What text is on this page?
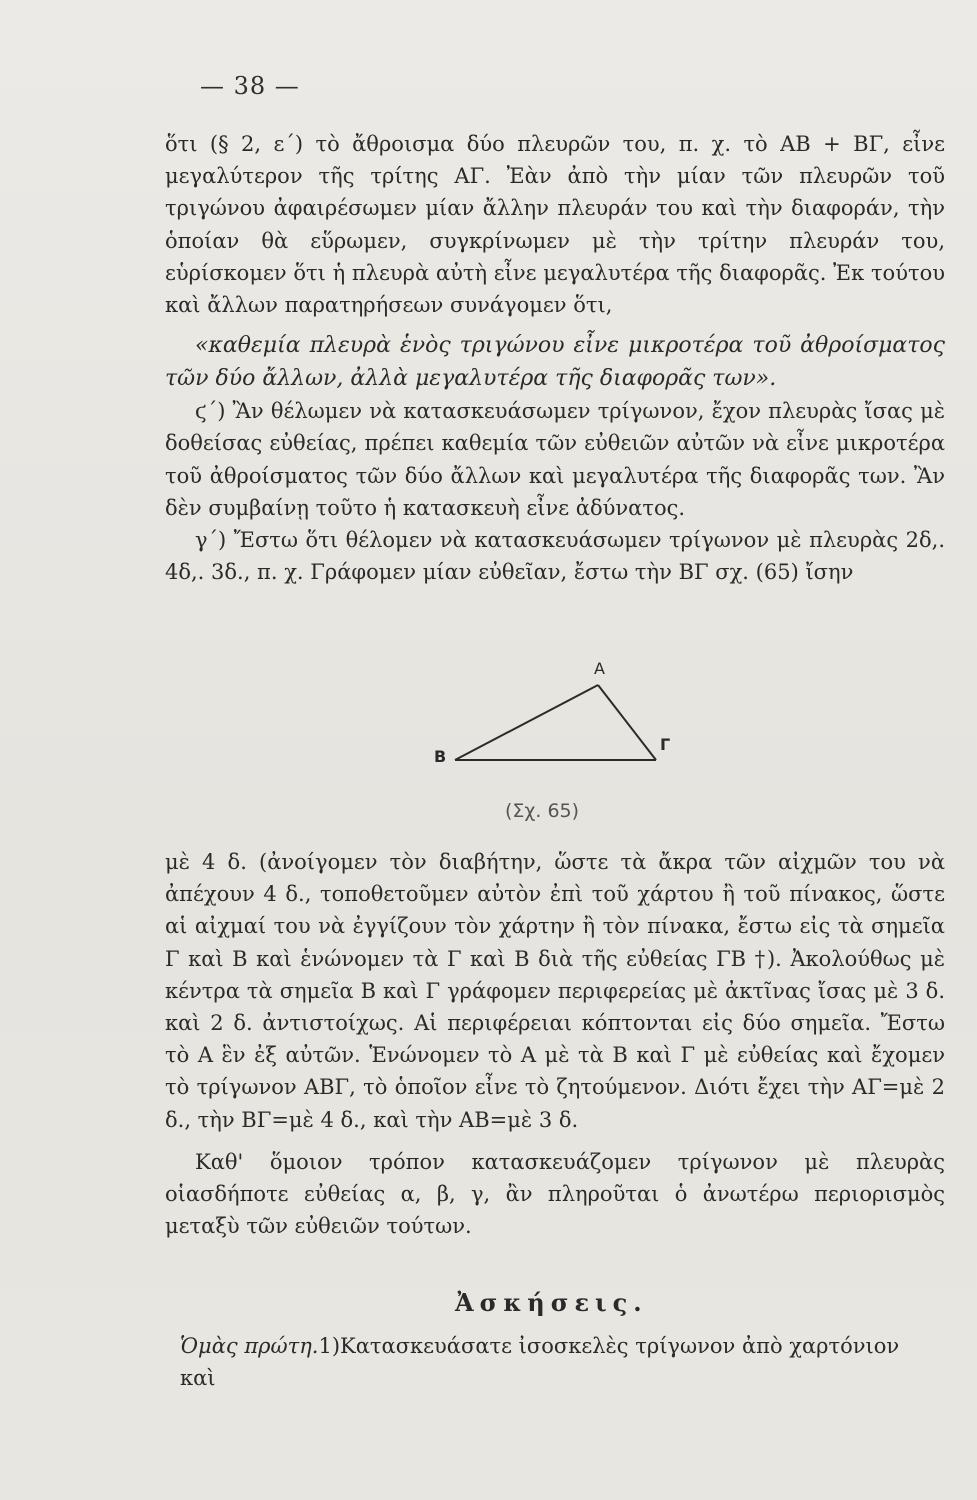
— 38 —

ὅτι (§ 2, ε΄) τὸ ἄθροισμα δύο πλευρῶν του, π. χ. τὸ ΑΒ + ΒΓ, εἶνε μεγαλύτερον τῆς τρίτης ΑΓ. Ἐὰν ἀπὸ τὴν μίαν τῶν πλευρῶν τοῦ τριγώνου ἀφαιρέσωμεν μίαν ἄλλην πλευράν του καὶ τὴν διαφοράν, τὴν ὁποίαν θὰ εὕρωμεν, συγκρίνωμεν μὲ τὴν τρίτην πλευράν του, εὑρίσκομεν ὅτι ἡ πλευρὰ αὐτὴ εἶνε μεγαλυτέρα τῆς διαφορᾶς. Ἐκ τούτου καὶ ἄλλων παρατηρήσεων συνάγομεν ὅτι,

«καθεμία πλευρὰ ἑνὸς τριγώνου εἶνε μικροτέρα τοῦ ἀθροίσματος τῶν δύο ἄλλων, ἀλλὰ μεγαλυτέρα τῆς διαφορᾶς των».

ϛ΄) Ἂν θέλωμεν νὰ κατασκευάσωμεν τρίγωνον, ἔχον πλευρὰς ἴσας μὲ δοθείσας εὐθείας, πρέπει καθεμία τῶν εὐθειῶν αὐτῶν νὰ εἶνε μικροτέρα τοῦ ἀθροίσματος τῶν δύο ἄλλων καὶ μεγαλυτέρα τῆς διαφορᾶς των. Ἂν δὲν συμβαίνῃ τοῦτο ἡ κατασκευὴ εἶνε ἀδύνατος.

γ΄) Ἔστω ὅτι θέλομεν νὰ κατασκευάσωμεν τρίγωνον μὲ πλευρὰς 2δ,. 4δ,. 3δ., π. χ. Γράφομεν μίαν εὐθεῖαν, ἔστω τὴν ΒΓ σχ. (65) ἴσην

A
B
Γ
(Σχ. 65)

μὲ 4 δ. (ἀνοίγομεν τὸν διαβήτην, ὥστε τὰ ἄκρα τῶν αἰχμῶν του νὰ ἀπέχουν 4 δ., τοποθετοῦμεν αὐτὸν ἐπὶ τοῦ χάρτου ἢ τοῦ πίνακος, ὥστε αἱ αἰχμαί του νὰ ἐγγίζουν τὸν χάρτην ἢ τὸν πίνακα, ἔστω εἰς τὰ σημεῖα Γ καὶ Β καὶ ἑνώνομεν τὰ Γ καὶ Β διὰ τῆς εὐθείας ΓΒ †). Ἀκολούθως μὲ κέντρα τὰ σημεῖα Β καὶ Γ γράφομεν περιφερείας μὲ ἀκτῖνας ἴσας μὲ 3 δ. καὶ 2 δ. ἀντιστοίχως. Αἱ περιφέρειαι κόπτονται εἰς δύο σημεῖα. Ἔστω τὸ Α ἓν ἐξ αὐτῶν. Ἑνώνομεν τὸ Α μὲ τὰ Β καὶ Γ μὲ εὐθείας καὶ ἔχομεν τὸ τρίγωνον ΑΒΓ, τὸ ὁποῖον εἶνε τὸ ζητούμενον. Διότι ἔχει τὴν ΑΓ=μὲ 2 δ., τὴν ΒΓ=μὲ 4 δ., καὶ τὴν ΑΒ=μὲ 3 δ.

Καθ' ὅμοιον τρόπον κατασκευάζομεν τρίγωνον μὲ πλευρὰς οἱασδήποτε εὐθείας α, β, γ, ἂν πληροῦται ὁ ἀνωτέρω περιορισμὸς μεταξὺ τῶν εὐθειῶν τούτων.

Ἀσκήσεις.
Ὁμὰς πρώτη.1)Κατασκευάσατε ἰσοσκελὲς τρίγωνον ἀπὸ χαρτόνιον καὶ
